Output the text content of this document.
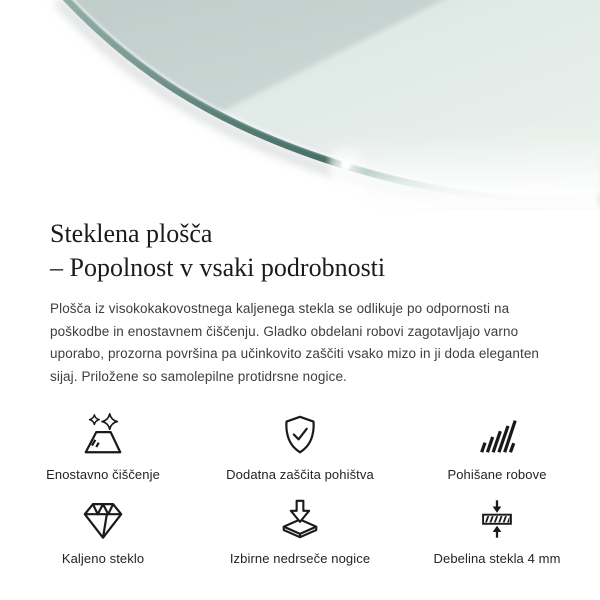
Steklena plošča
– Popolnost v vsaki podrobnosti

Plošča iz visokokakovostnega kaljenega stekla se odlikuje po odpornosti na poškodbe in enostavnem čiščenju. Gladko obdelani robovi zagotavljajo varno uporabo, prozorna površina pa učinkovito zaščiti vsako mizo in ji doda eleganten sijaj. Priložene so samolepilne protidrsne nogice.

Enostavno čiščenje	Dodatna zaščita pohištva	Pohišane robove
Kaljeno steklo	Izbirne nedrseče nogice	Debelina stekla 4 mm
